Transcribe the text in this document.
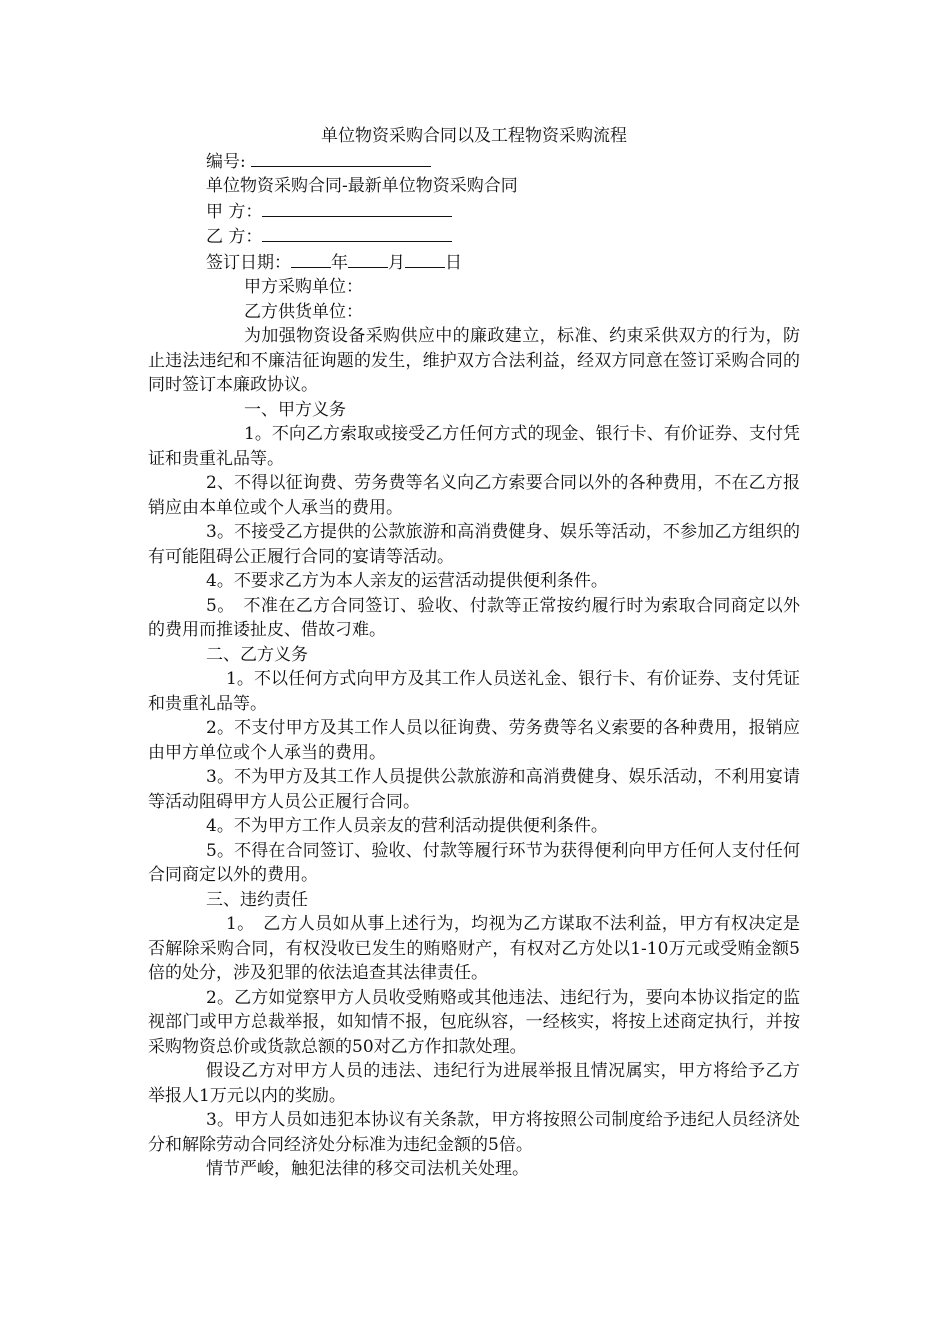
单位物资采购合同以及工程物资采购流程
编号:
单位物资采购合同-最新单位物资采购合同
甲 方：
乙 方：
签订日期： 年 月 日
甲方采购单位：
乙方供货单位：
为加强物资设备采购供应中的廉政建立，标准、约束采供双方的行为，防止违法违纪和不廉洁征询题的发生，维护双方合法利益，经双方同意在签订采购合同的同时签订本廉政协议。
一、甲方义务
1。不向乙方索取或接受乙方任何方式的现金、银行卡、有价证券、支付凭证和贵重礼品等。
2、不得以征询费、劳务费等名义向乙方索要合同以外的各种费用，不在乙方报销应由本单位或个人承当的费用。
3。不接受乙方提供的公款旅游和高消费健身、娱乐等活动，不参加乙方组织的有可能阻碍公正履行合同的宴请等活动。
4。不要求乙方为本人亲友的运营活动提供便利条件。
5。　不准在乙方合同签订、验收、付款等正常按约履行时为索取合同商定以外的费用而推诿扯皮、借故刁难。
二、乙方义务
1。不以任何方式向甲方及其工作人员送礼金、银行卡、有价证券、支付凭证和贵重礼品等。
2。不支付甲方及其工作人员以征询费、劳务费等名义索要的各种费用，报销应由甲方单位或个人承当的费用。
3。不为甲方及其工作人员提供公款旅游和高消费健身、娱乐活动，不利用宴请等活动阻碍甲方人员公正履行合同。
4。不为甲方工作人员亲友的营利活动提供便利条件。
5。不得在合同签订、验收、付款等履行环节为获得便利向甲方任何人支付任何合同商定以外的费用。
三、违约责任
1。　乙方人员如从事上述行为，均视为乙方谋取不法利益，甲方有权决定是否解除采购合同，有权没收已发生的贿赂财产，有权对乙方处以1-10万元或受贿金额5倍的处分，涉及犯罪的依法追查其法律责任。
2。乙方如觉察甲方人员收受贿赂或其他违法、违纪行为，要向本协议指定的监视部门或甲方总裁举报，如知情不报，包庇纵容，一经核实，将按上述商定执行，并按采购物资总价或货款总额的50对乙方作扣款处理。
假设乙方对甲方人员的违法、违纪行为进展举报且情况属实，甲方将给予乙方举报人1万元以内的奖励。
3。甲方人员如违犯本协议有关条款，甲方将按照公司制度给予违纪人员经济处分和解除劳动合同经济处分标准为违纪金额的5倍。
情节严峻，触犯法律的移交司法机关处理。
